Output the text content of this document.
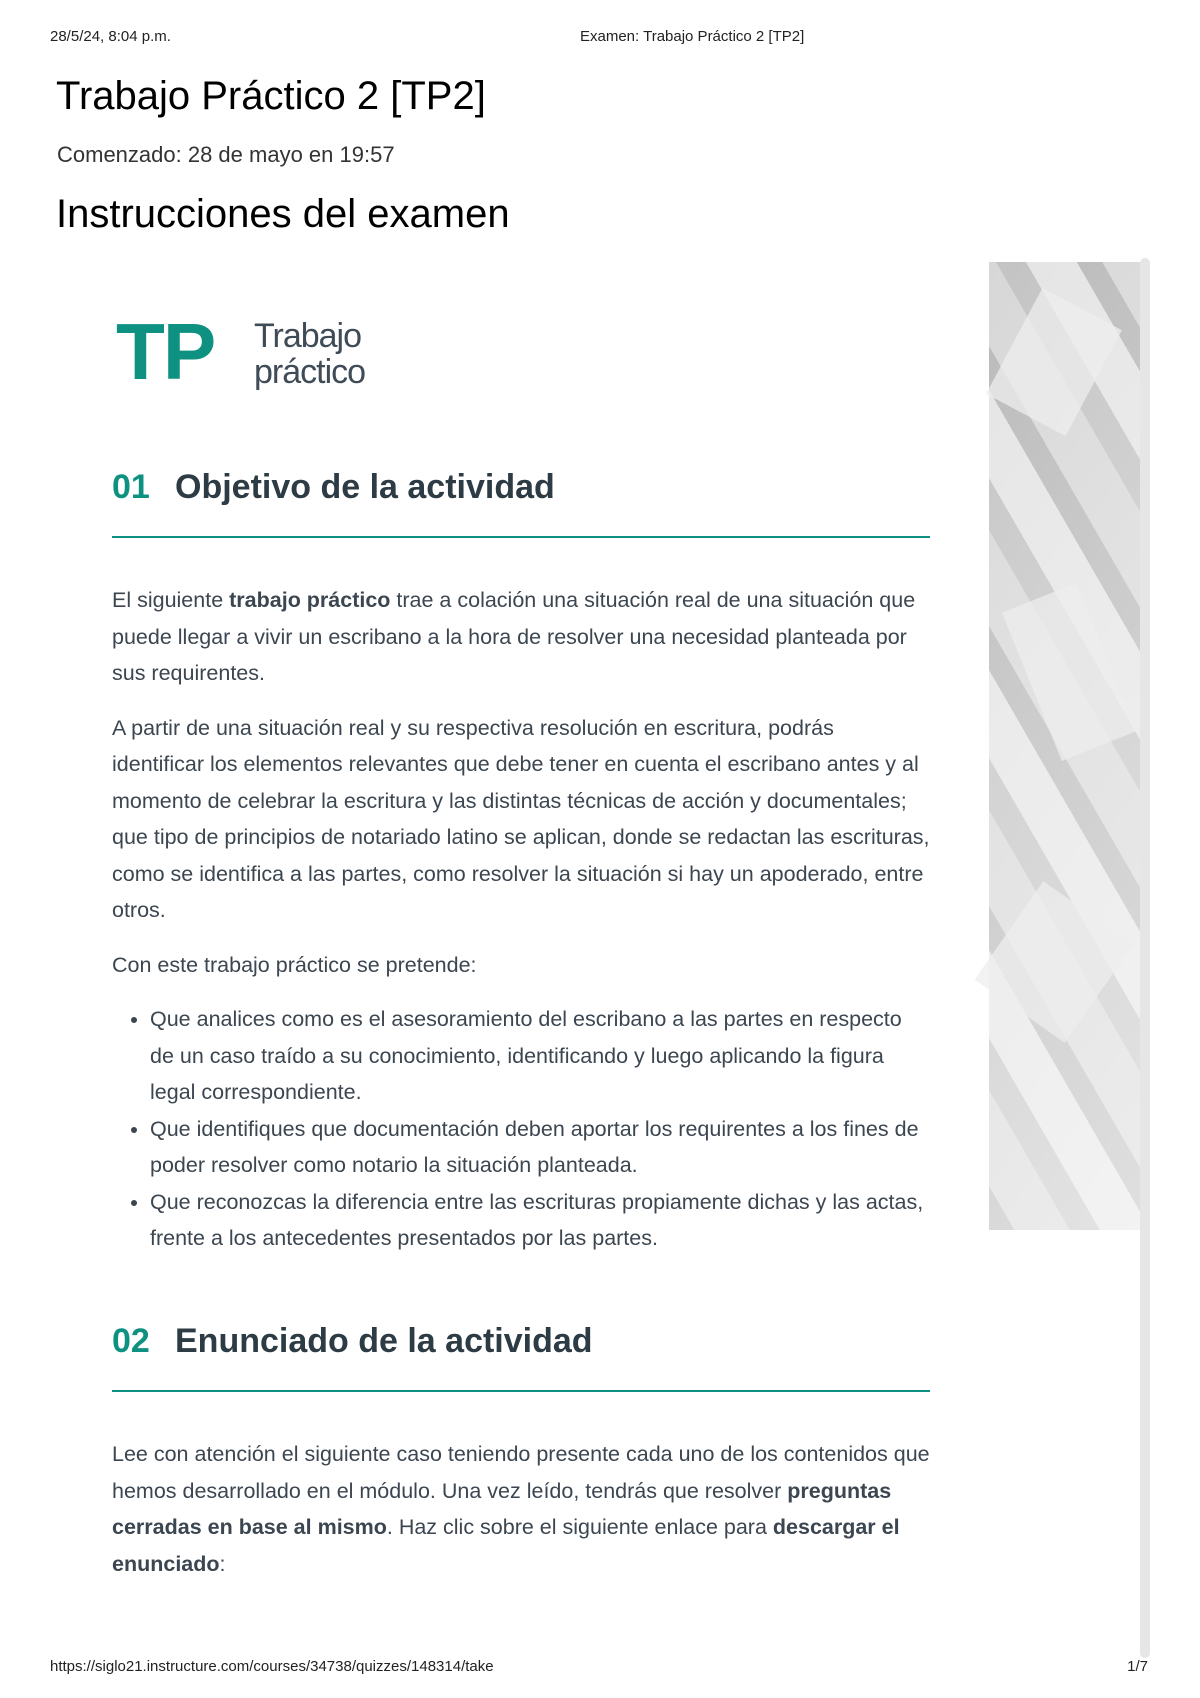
28/5/24, 8:04 p.m.	Examen: Trabajo Práctico 2 [TP2]
Trabajo Práctico 2 [TP2]
Comenzado: 28 de mayo en 19:57
Instrucciones del examen
TP Trabajo
práctico
01 Objetivo de la actividad

El siguiente trabajo práctico trae a colación una situación real de una situación que puede llegar a vivir un escribano a la hora de resolver una necesidad planteada por sus requirentes.

A partir de una situación real y su respectiva resolución en escritura, podrás identificar los elementos relevantes que debe tener en cuenta el escribano antes y al momento de celebrar la escritura y las distintas técnicas de acción y documentales; que tipo de principios de notariado latino se aplican, donde se redactan las escrituras, como se identifica a las partes, como resolver la situación si hay un apoderado, entre otros.

Con este trabajo práctico se pretende:

• Que analices como es el asesoramiento del escribano a las partes en respecto de un caso traído a su conocimiento, identificando y luego aplicando la figura legal correspondiente.
• Que identifiques que documentación deben aportar los requirentes a los fines de poder resolver como notario la situación planteada.
• Que reconozcas la diferencia entre las escrituras propiamente dichas y las actas, frente a los antecedentes presentados por las partes.
02 Enunciado de la actividad

Lee con atención el siguiente caso teniendo presente cada uno de los contenidos que hemos desarrollado en el módulo. Una vez leído, tendrás que resolver preguntas cerradas en base al mismo. Haz clic sobre el siguiente enlace para descargar el enunciado:

https://siglo21.instructure.com/courses/34738/quizzes/148314/take	1/7
